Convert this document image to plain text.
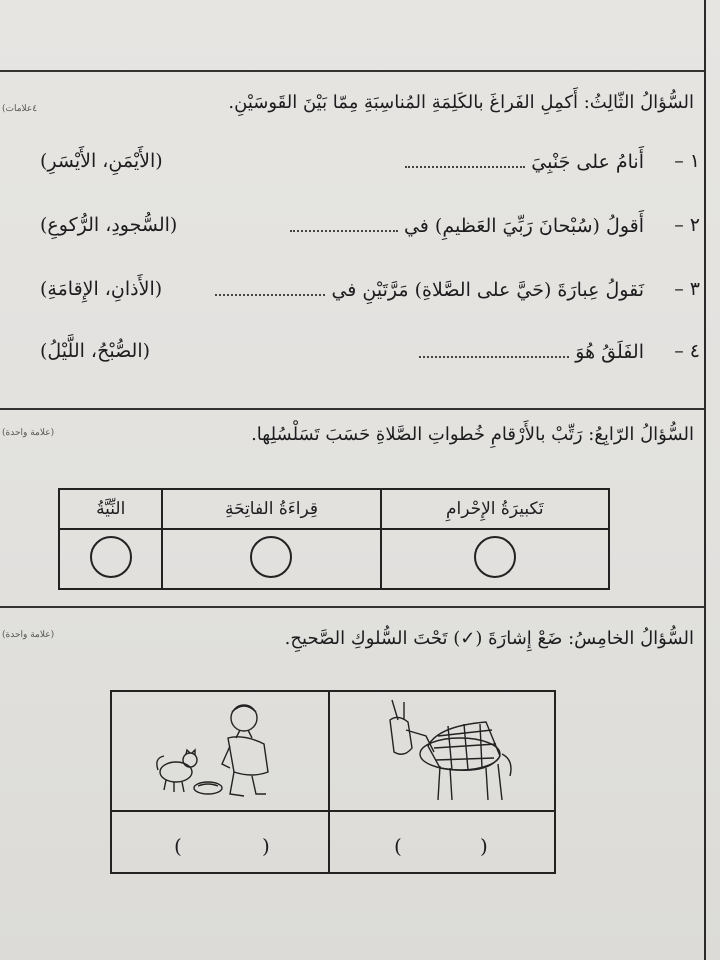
(٤علامات	السُّؤالُ الثّالِثُ: أَكمِلِ الفَراغَ بالكَلِمَةِ المُناسِبَةِ مِمّا بَيْنَ القَوسَيْنِ.
١ –
أَنامُ على جَنْبِيَ
(الأَيْمَنِ، الأَيْسَرِ)
٢ –
أَقولُ (سُبْحانَ رَبِّيَ العَظيمِ) في
(السُّجودِ، الرُّكوعِ)
٣ –
نَقولُ عِبارَةَ (حَيَّ على الصَّلاةِ) مَرَّتَيْنِ في
(الأَذانِ، الإِقامَةِ)
٤ –
الفَلَقُ هُوَ
(الصُّبْحُ، اللَّيْلُ)
(علامة واحدة)	السُّؤالُ الرّابِعُ: رَتِّبْ بالأَرْقامِ خُطواتِ الصَّلاةِ حَسَبَ تَسَلْسُلِها.
تَكبيرَةُ الإِحْرامِ	قِراءَةُ الفاتِحَةِ	النِّيَّةُ

(علامة واحدة)	السُّؤالُ الخامِسُ: ضَعْ إِشارَةَ (✓) تَحْتَ السُّلوكِ الصَّحيحِ.
(	)	(	)
